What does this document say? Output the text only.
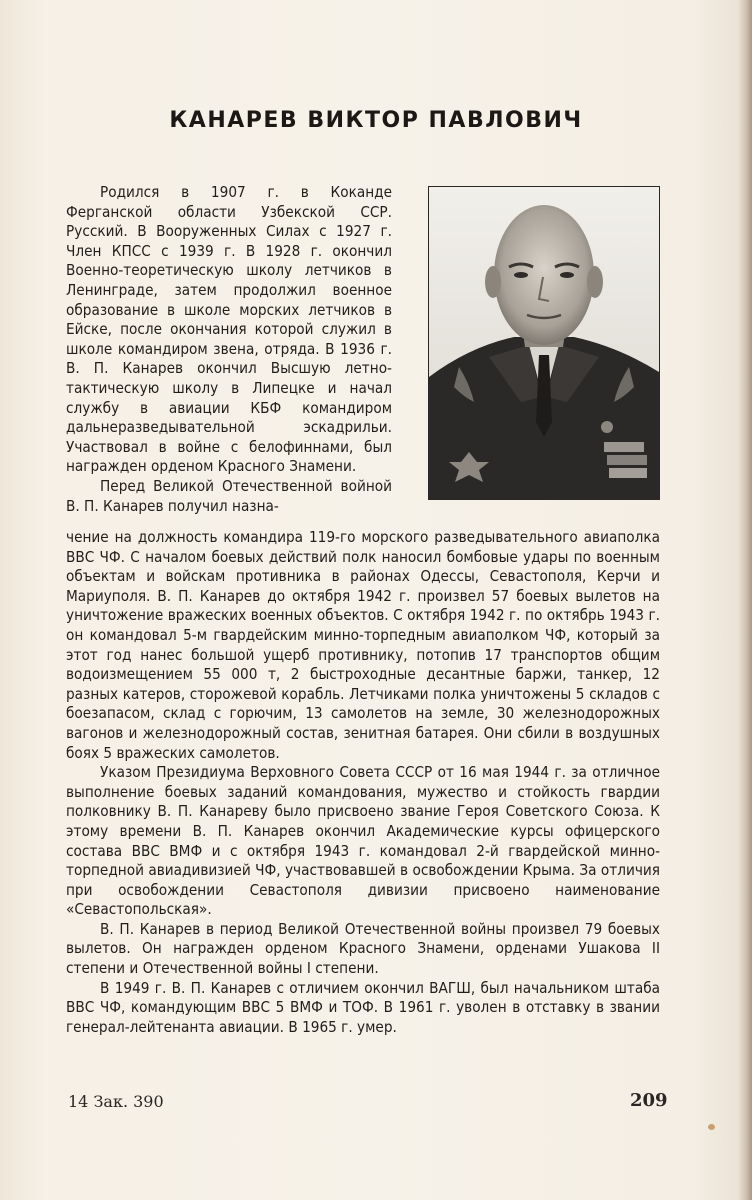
КАНАРЕВ ВИКТОР ПАВЛОВИЧ

Родился в 1907 г. в Коканде Ферганской области Узбекской ССР. Русский. В Вооруженных Силах с 1927 г. Член КПСС с 1939 г. В 1928 г. окончил Военно-теоретическую школу летчиков в Ленинграде, затем продолжил военное образование в школе морских летчиков в Ейске, после окончания которой служил в школе командиром звена, отряда. В 1936 г. В. П. Канарев окончил Высшую летно-тактическую школу в Липецке и начал службу в авиации КБФ командиром дальнеразведывательной эскадрильи. Участвовал в войне с белофиннами, был награжден орденом Красного Знамени.

Перед Великой Отечественной войной В. П. Канарев получил назна-

чение на должность командира 119-го морского разведывательного авиаполка ВВС ЧФ. С началом боевых действий полк наносил бомбовые удары по военным объектам и войскам противника в районах Одессы, Севастополя, Керчи и Мариуполя. В. П. Канарев до октября 1942 г. произвел 57 боевых вылетов на уничтожение вражеских военных объектов. С октября 1942 г. по октябрь 1943 г. он командовал 5-м гвардейским минно-торпедным авиаполком ЧФ, который за этот год нанес большой ущерб противнику, потопив 17 транспортов общим водоизмещением 55 000 т, 2 быстроходные десантные баржи, танкер, 12 разных катеров, сторожевой корабль. Летчиками полка уничтожены 5 складов с боезапасом, склад с горючим, 13 самолетов на земле, 30 железнодорожных вагонов и железнодорожный состав, зенитная батарея. Они сбили в воздушных боях 5 вражеских самолетов.

Указом Президиума Верховного Совета СССР от 16 мая 1944 г. за отличное выполнение боевых заданий командования, мужество и стойкость гвардии полковнику В. П. Канареву было присвоено звание Героя Советского Союза. К этому времени В. П. Канарев окончил Академические курсы офицерского состава ВВС ВМФ и с октября 1943 г. командовал 2-й гвардейской минно-торпедной авиадивизией ЧФ, участвовавшей в освобождении Крыма. За отличия при освобождении Севастополя дивизии присвоено наименование «Севастопольская».

В. П. Канарев в период Великой Отечественной войны произвел 79 боевых вылетов. Он награжден орденом Красного Знамени, орденами Ушакова II степени и Отечественной войны I степени.

В 1949 г. В. П. Канарев с отличием окончил ВАГШ, был начальником штаба ВВС ЧФ, командующим ВВС 5 ВМФ и ТОФ. В 1961 г. уволен в отставку в звании генерал-лейтенанта авиации. В 1965 г. умер.

14 Зак. 390	209
